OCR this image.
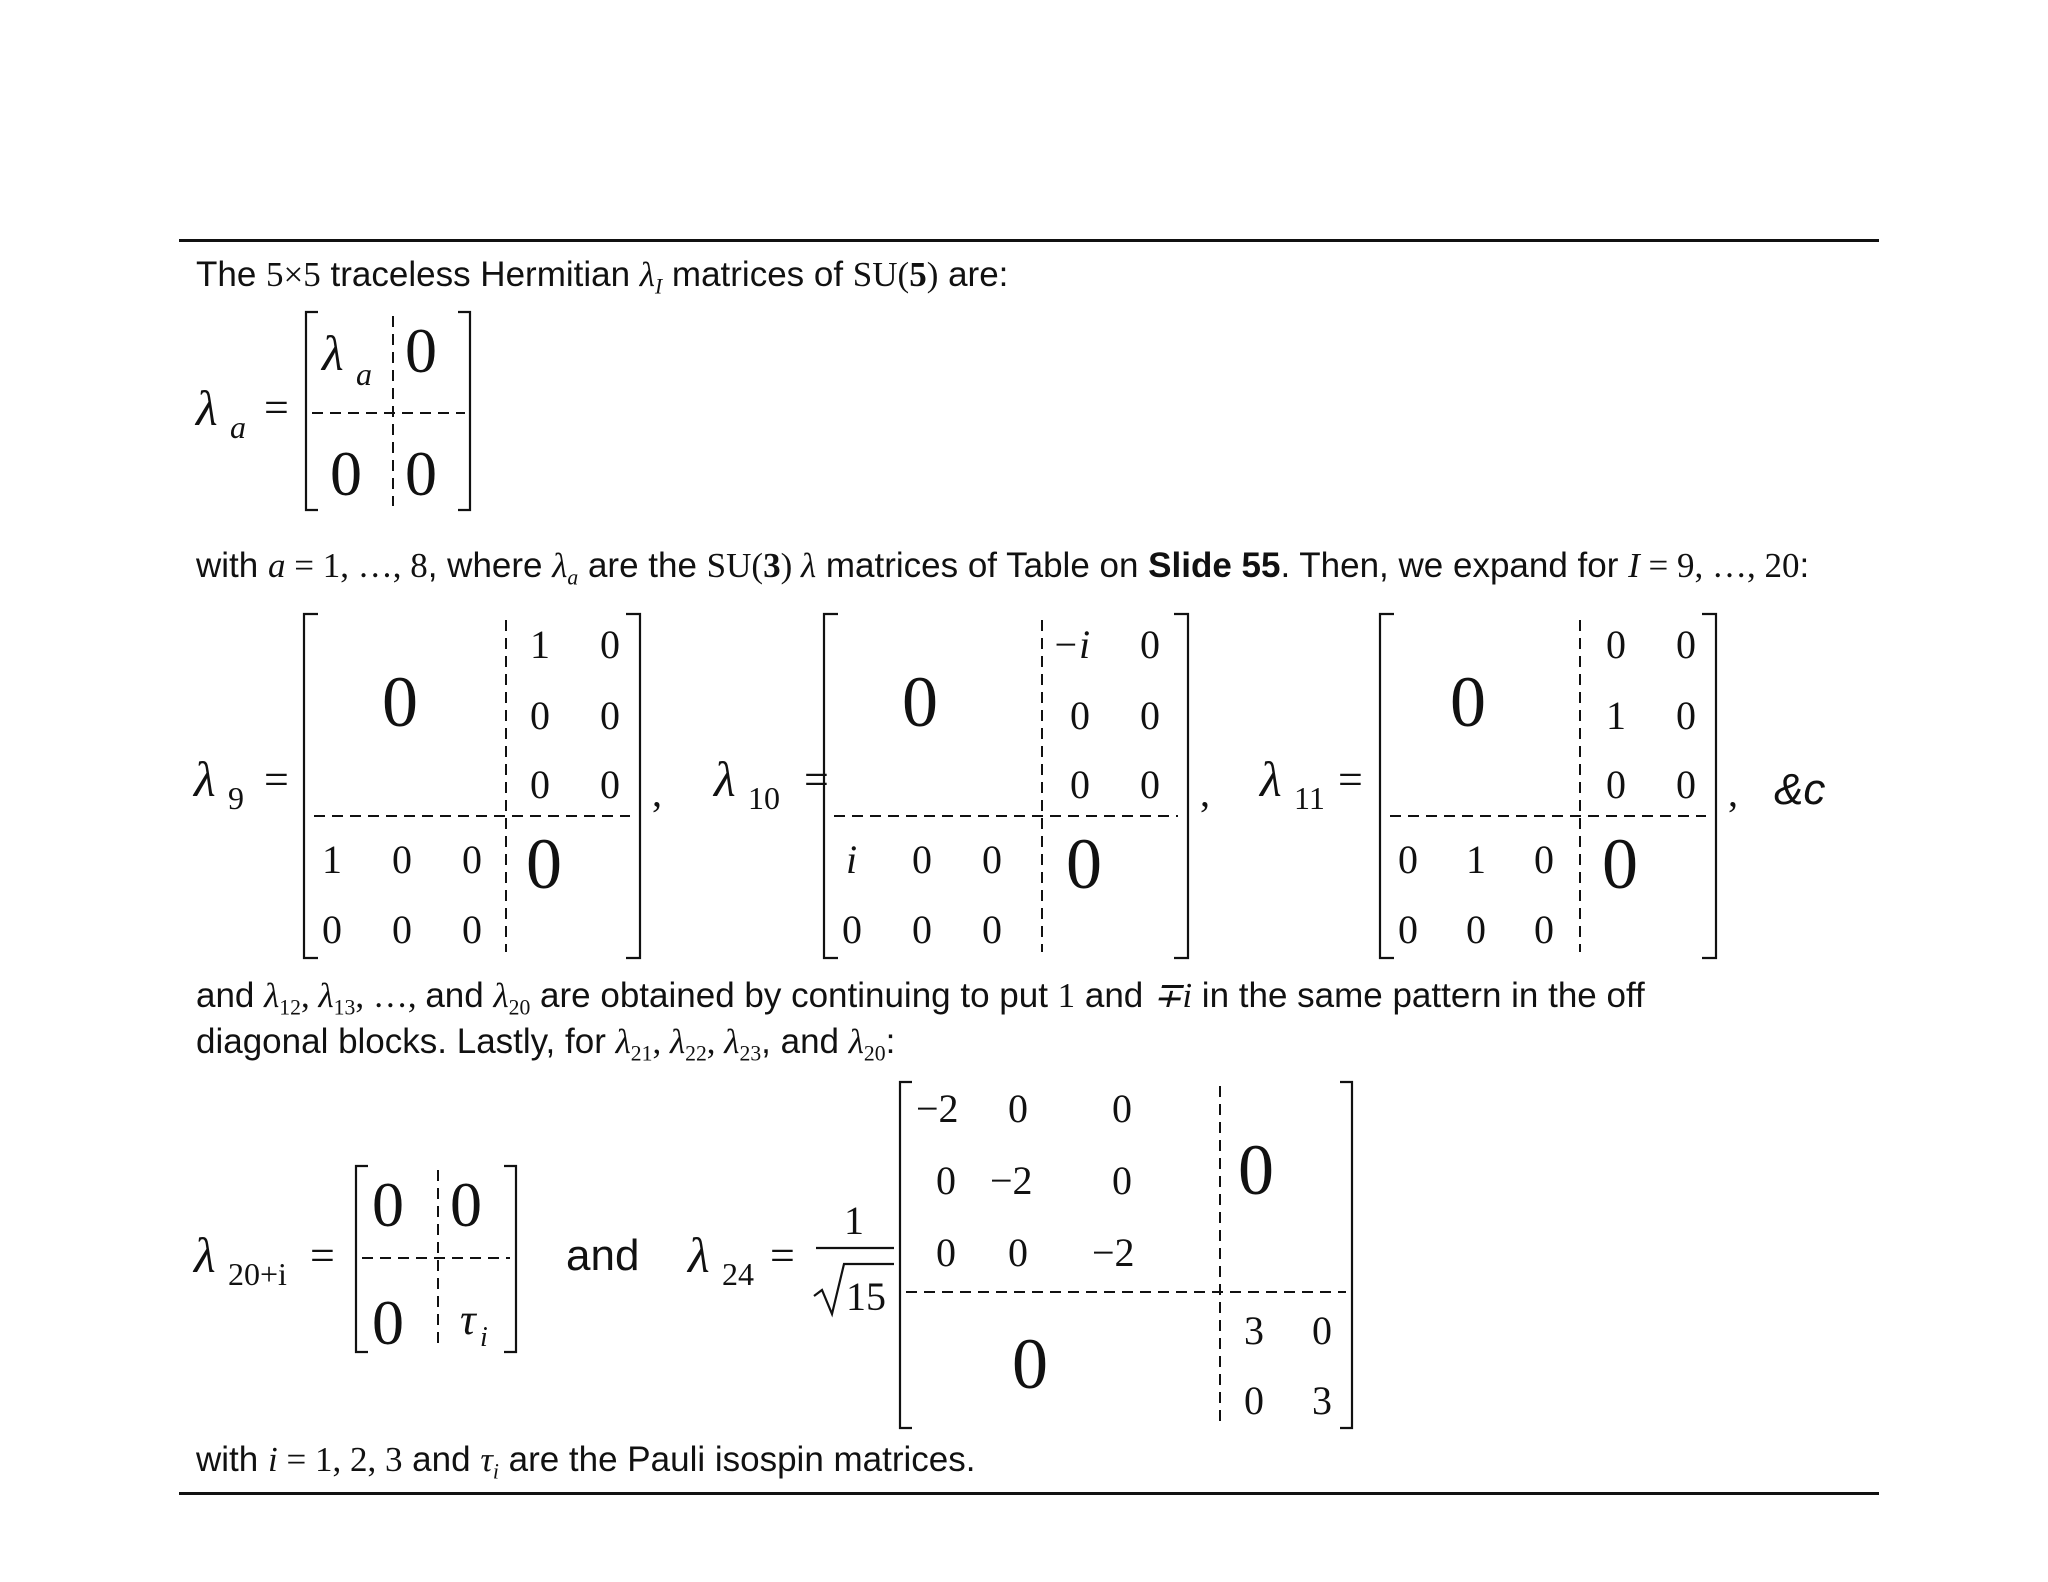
The 5×5 traceless Hermitian $\lambda_I$ matrices of SU(5) are:
λ a =
λ a 0
0 0
with a = 1, …, 8, where $\lambda_a$ are the SU(3) λ matrices of Table on Slide 55. Then, we expand for I = 9, …, 20:
λ 9 =
0
0
1 0
0 0
0 0
1 0 0
0 0 0
, λ 10 =
0
0
−i 0
0 0
0 0
i 0 0
0 0 0
, λ 11 =
0
0
0 0
1 0
0 0
0 1 0
0 0 0
, &c
and $\lambda_{12}$, $\lambda_{13}$, …, and $\lambda_{20}$ are obtained by continuing to put 1 and ∓i in the same pattern in the off
diagonal blocks. Lastly, for $\lambda_{21}$, $\lambda_{22}$, $\lambda_{23}$, and $\lambda_{20}$:
λ 20+i =
0 0
0 τ i
and λ 24 =
1
15
−2 0 0
0 −2 0
0 0 −2
0
0	3 0
0 3
with i = 1, 2, 3 and $\tau_i$ are the Pauli isospin matrices.
